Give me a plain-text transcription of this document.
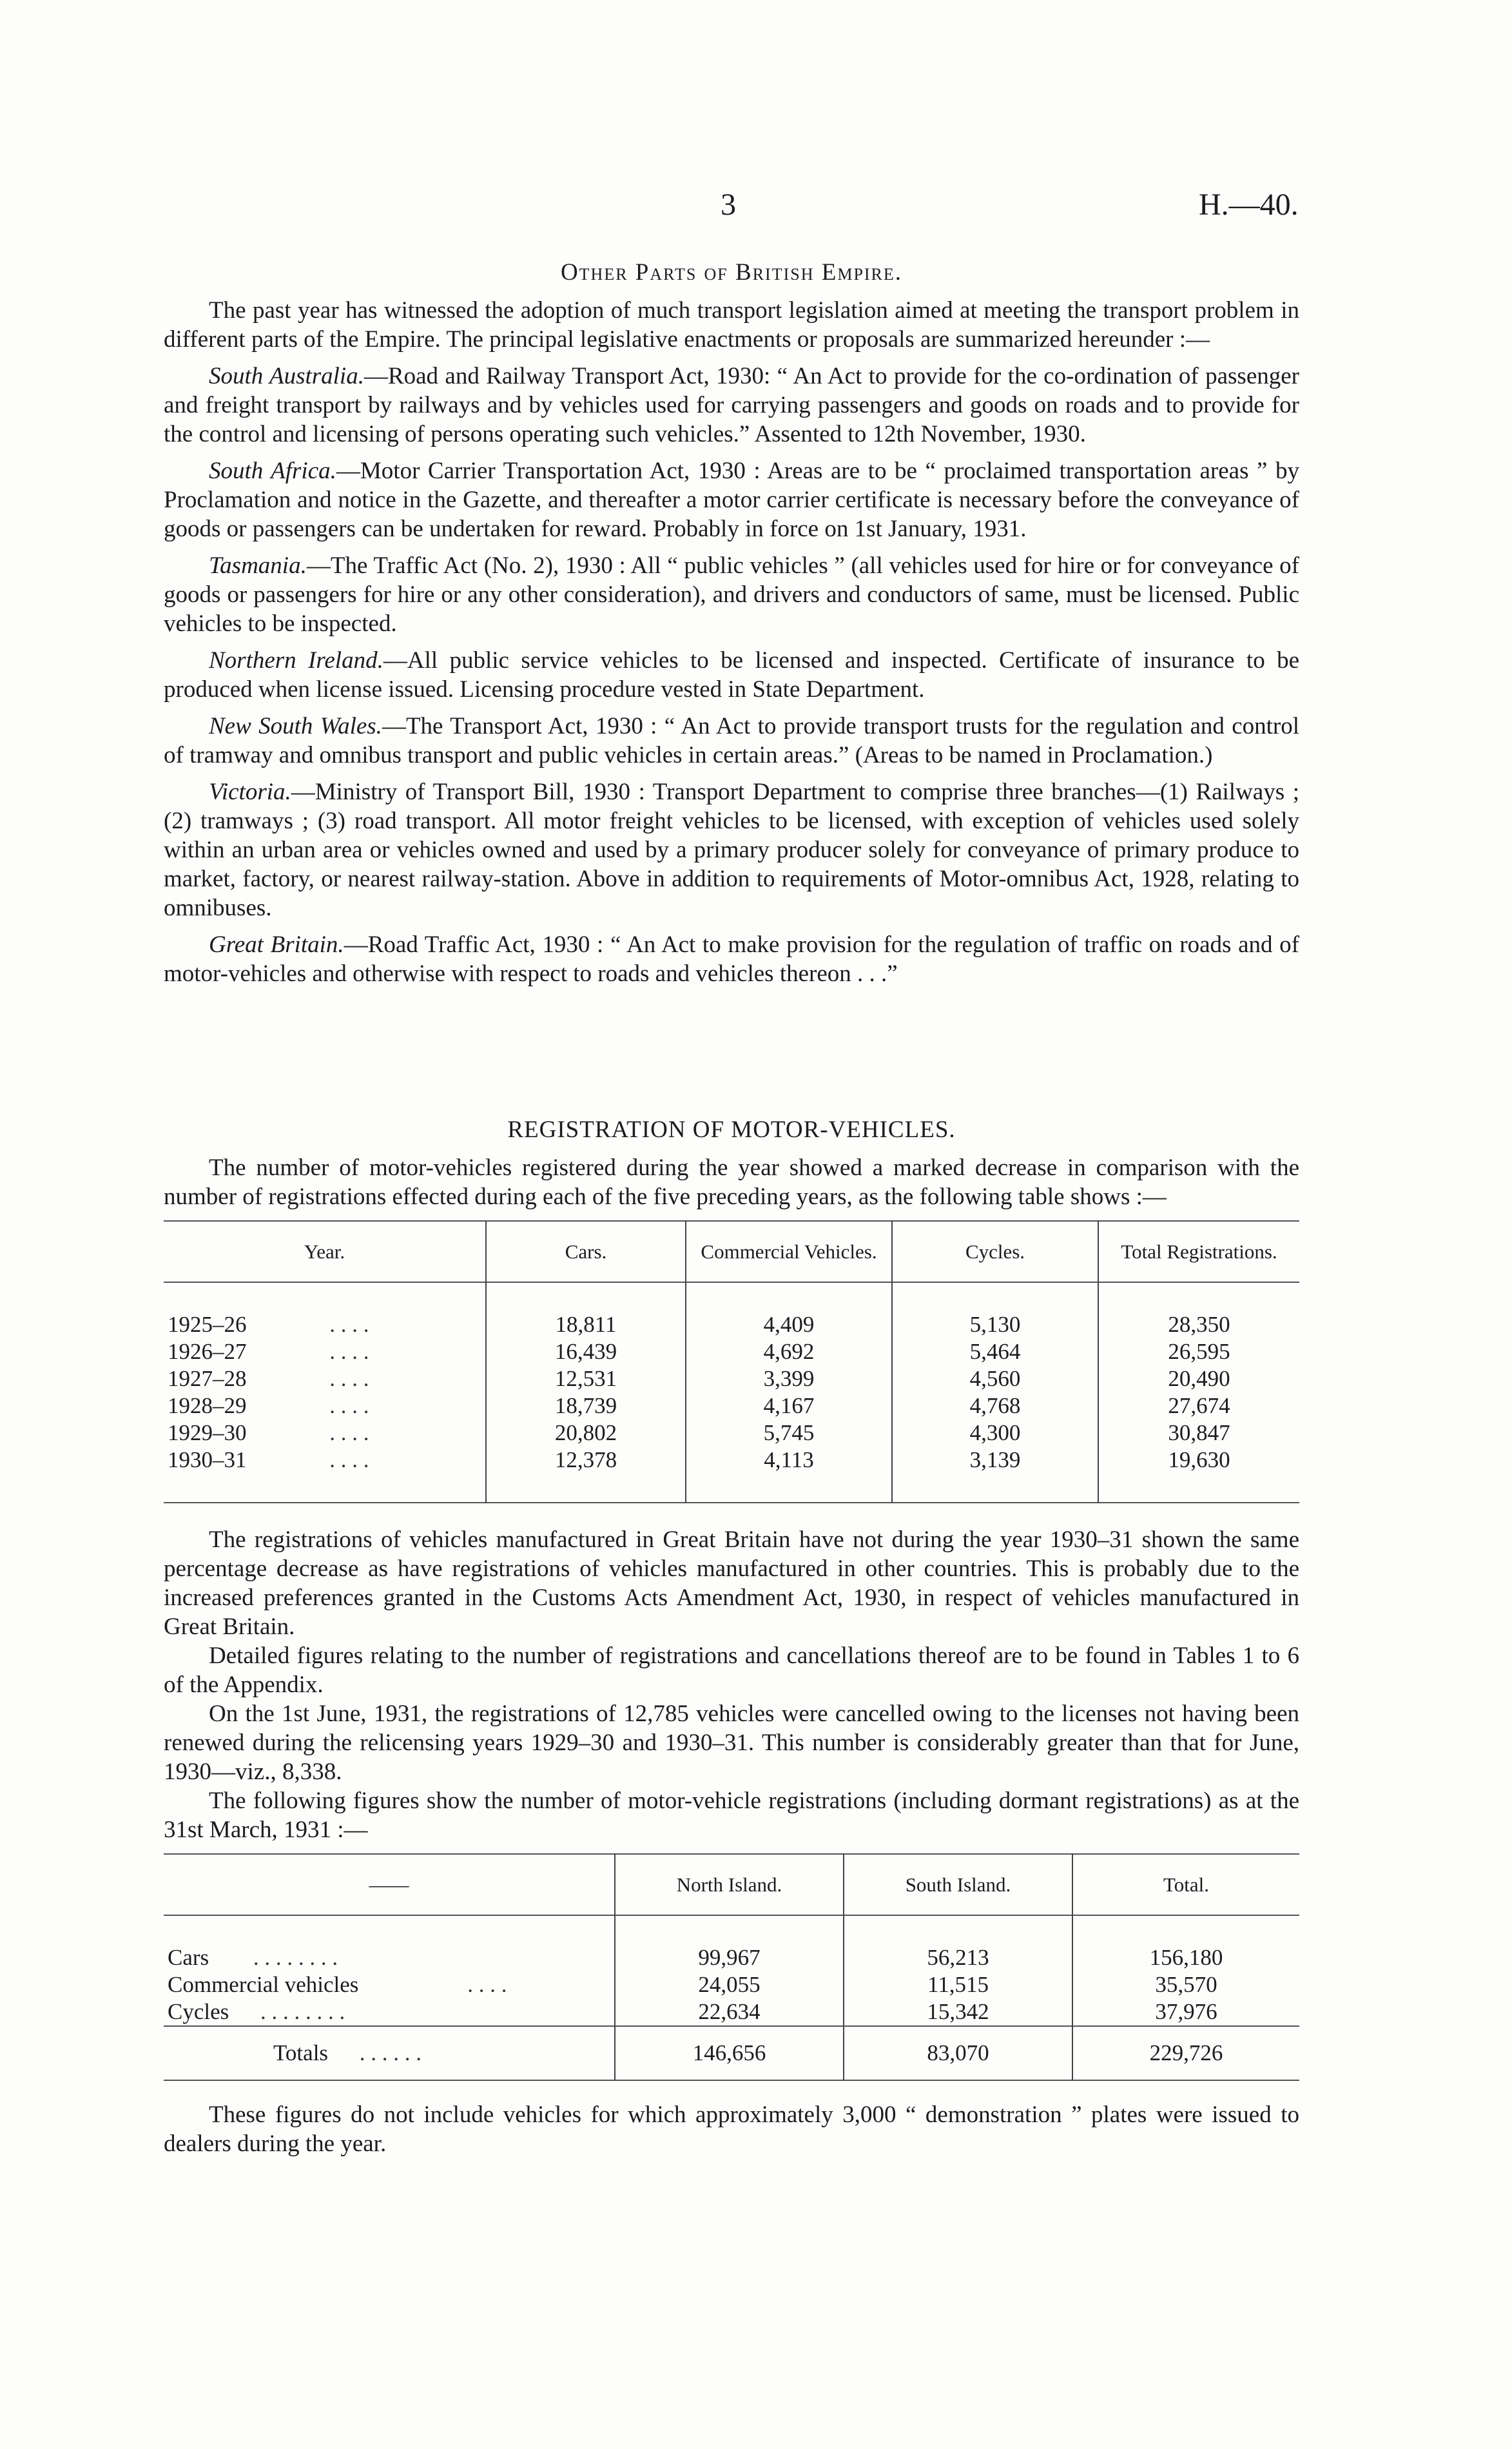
3	H.—40.
Other Parts of British Empire.

The past year has witnessed the adoption of much transport legislation aimed at meeting the transport problem in different parts of the Empire. The principal legislative enactments or proposals are summarized hereunder :—

South Australia.—Road and Railway Transport Act, 1930: “ An Act to provide for the co-ordination of passenger and freight transport by railways and by vehicles used for carrying passengers and goods on roads and to provide for the control and licensing of persons operating such vehicles.” Assented to 12th November, 1930.

South Africa.—Motor Carrier Transportation Act, 1930 : Areas are to be “ proclaimed transportation areas ” by Proclamation and notice in the Gazette, and thereafter a motor carrier certificate is necessary before the conveyance of goods or passengers can be undertaken for reward. Probably in force on 1st January, 1931.

Tasmania.—The Traffic Act (No. 2), 1930 : All “ public vehicles ” (all vehicles used for hire or for conveyance of goods or passengers for hire or any other consideration), and drivers and conductors of same, must be licensed. Public vehicles to be inspected.

Northern Ireland.—All public service vehicles to be licensed and inspected. Certificate of insurance to be produced when license issued. Licensing procedure vested in State Department.

New South Wales.—The Transport Act, 1930 : “ An Act to provide transport trusts for the regulation and control of tramway and omnibus transport and public vehicles in certain areas.” (Areas to be named in Proclamation.)

Victoria.—Ministry of Transport Bill, 1930 : Transport Department to comprise three branches—(1) Railways ; (2) tramways ; (3) road transport. All motor freight vehicles to be licensed, with exception of vehicles used solely within an urban area or vehicles owned and used by a primary producer solely for conveyance of primary produce to market, factory, or nearest railway-station. Above in addition to requirements of Motor-omnibus Act, 1928, relating to omnibuses.

Great Britain.—Road Traffic Act, 1930 : “ An Act to make provision for the regulation of traffic on roads and of motor-vehicles and otherwise with respect to roads and vehicles thereon . . .”

REGISTRATION OF MOTOR-VEHICLES.

The number of motor-vehicles registered during the year showed a marked decrease in comparison with the number of registrations effected during each of the five preceding years, as the following table shows :—

Year.	Cars.	Commercial Vehicles.	Cycles.	Total Registrations.

1925–26 . . . .	18,811	4,409	5,130	28,350
1926–27 . . . .	16,439	4,692	5,464	26,595
1927–28 . . . .	12,531	3,399	4,560	20,490
1928–29 . . . .	18,739	4,167	4,768	27,674
1929–30 . . . .	20,802	5,745	4,300	30,847
1930–31 . . . .	12,378	4,113	3,139	19,630

The registrations of vehicles manufactured in Great Britain have not during the year 1930–31 shown the same percentage decrease as have registrations of vehicles manufactured in other countries. This is probably due to the increased preferences granted in the Customs Acts Amendment Act, 1930, in respect of vehicles manufactured in Great Britain.

Detailed figures relating to the number of registrations and cancellations thereof are to be found in Tables 1 to 6 of the Appendix.

On the 1st June, 1931, the registrations of 12,785 vehicles were cancelled owing to the licenses not having been renewed during the relicensing years 1929–30 and 1930–31. This number is considerably greater than that for June, 1930—viz., 8,338.

The following figures show the number of motor-vehicle registrations (including dormant registrations) as at the 31st March, 1931 :—

——	North Island.	South Island.	Total.

Cars . . . . . . . .	99,967	56,213	156,180
Commercial vehicles . . . .	24,055	11,515	35,570
Cycles . . . . . . . .	22,634	15,342	37,976
Totals . . . . . .	146,656	83,070	229,726

These figures do not include vehicles for which approximately 3,000 “ demonstration ” plates were issued to dealers during the year.
